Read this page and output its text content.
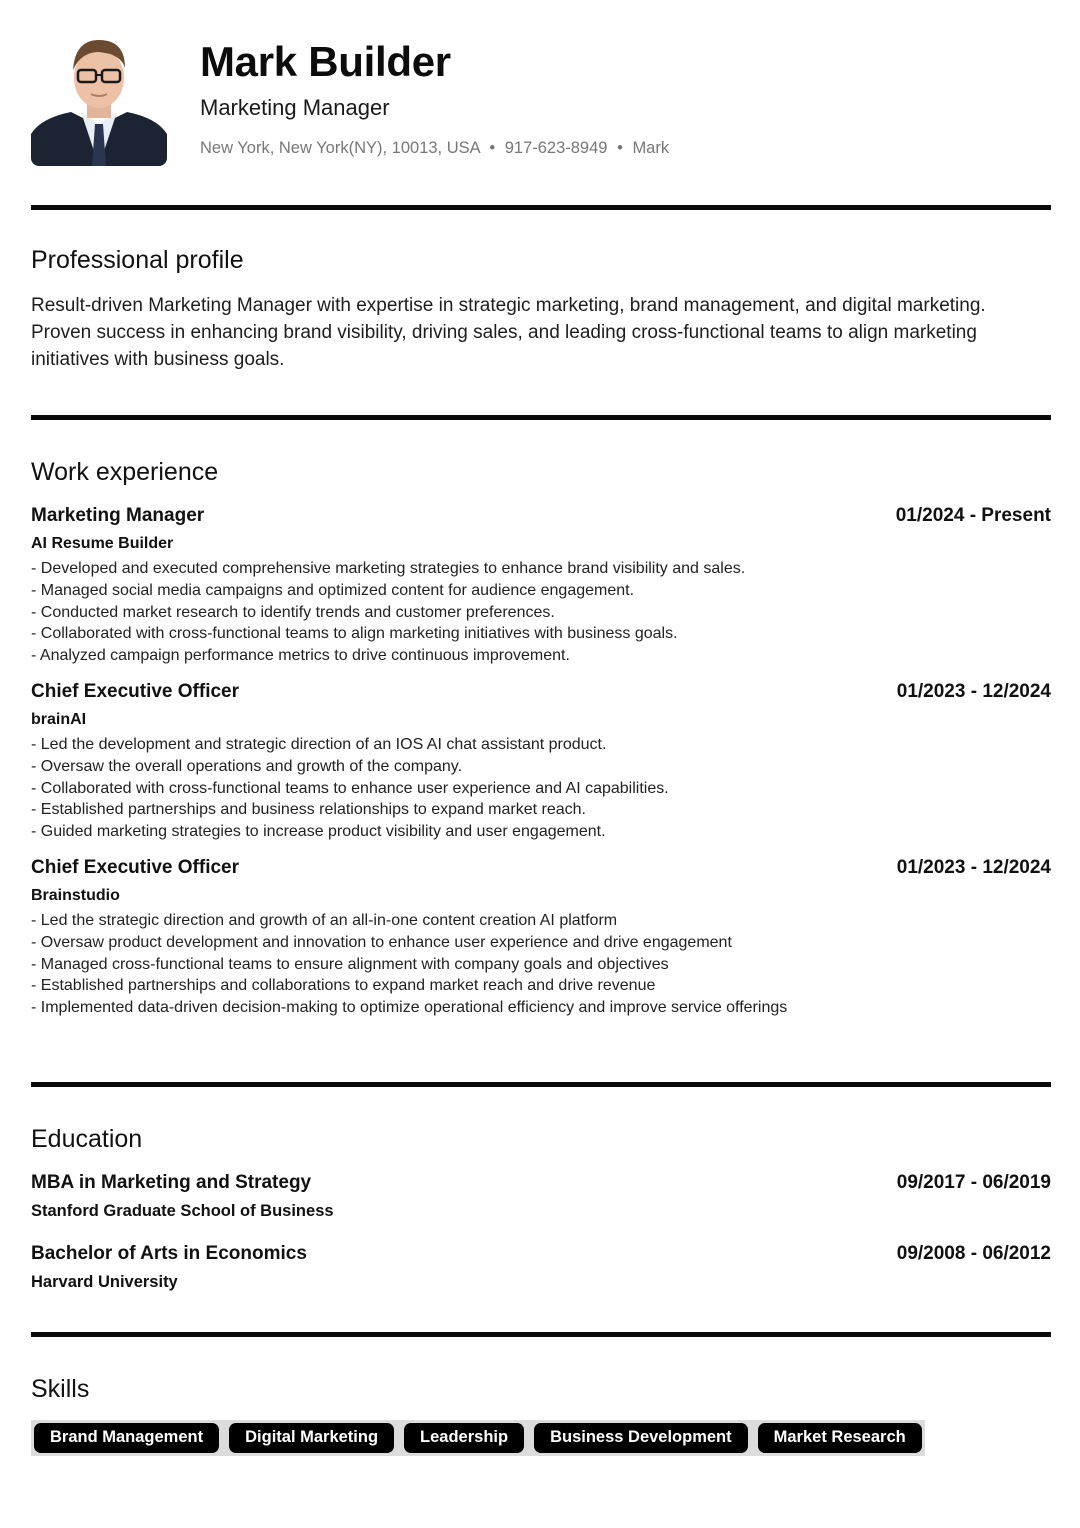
Mark Builder
Marketing Manager
New York, New York(NY), 10013, USA • 917-623-8949 • Mark
Professional profile

Result-driven Marketing Manager with expertise in strategic marketing, brand management, and digital marketing. Proven success in enhancing brand visibility, driving sales, and leading cross-functional teams to align marketing initiatives with business goals.

Work experience
Marketing Manager	01/2024 - Present
AI Resume Builder
- Developed and executed comprehensive marketing strategies to enhance brand visibility and sales.
- Managed social media campaigns and optimized content for audience engagement.
- Conducted market research to identify trends and customer preferences.
- Collaborated with cross-functional teams to align marketing initiatives with business goals.
- Analyzed campaign performance metrics to drive continuous improvement.
Chief Executive Officer	01/2023 - 12/2024
brainAI
- Led the development and strategic direction of an IOS AI chat assistant product.
- Oversaw the overall operations and growth of the company.
- Collaborated with cross-functional teams to enhance user experience and AI capabilities.
- Established partnerships and business relationships to expand market reach.
- Guided marketing strategies to increase product visibility and user engagement.
Chief Executive Officer	01/2023 - 12/2024
Brainstudio
- Led the strategic direction and growth of an all-in-one content creation AI platform
- Oversaw product development and innovation to enhance user experience and drive engagement
- Managed cross-functional teams to ensure alignment with company goals and objectives
- Established partnerships and collaborations to expand market reach and drive revenue
- Implemented data-driven decision-making to optimize operational efficiency and improve service offerings
Education
MBA in Marketing and Strategy	09/2017 - 06/2019
Stanford Graduate School of Business
Bachelor of Arts in Economics	09/2008 - 06/2012
Harvard University
Skills
Brand Management	Digital Marketing	Leadership	Business Development	Market Research
